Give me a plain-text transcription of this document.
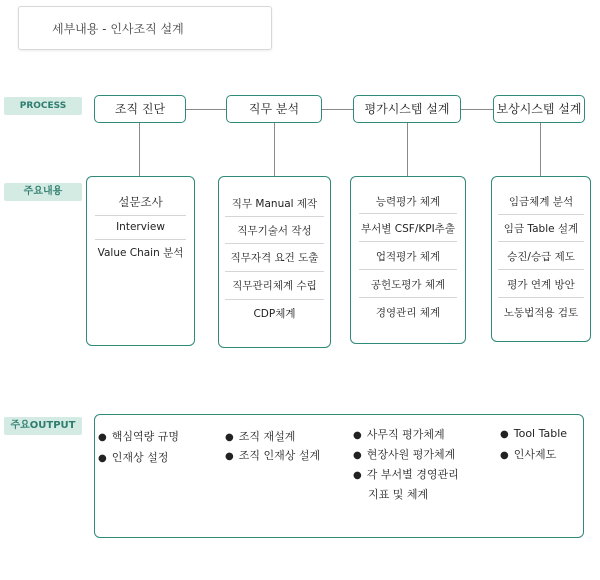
세부내용 - 인사조직 설계
PROCESS
주요내용
주요OUTPUT
조직 진단	직무 분석	평가시스템 설계	보상시스템 설계
설문조사
Interview
Value Chain 분석
직무 Manual 제작
직무기술서 작성
직무자격 요건 도출
직무관리체계 수립
CDP체계
능력평가 체계
부서별 CSF/KPI추출
업적평가 체계
공헌도평가 체계
경영관리 체계
임금체계 분석
임금 Table 설계
승진/승급 제도
평가 연계 방안
노동법적용 검토
● 핵심역량 규명
● 인재상 설정
● 조직 재설계
● 조직 인재상 설계
● 사무직 평가체계
● 현장사원 평가체계
● 각 부서별 경영관리
지표 및 체계
● Tool Table
● 인사제도
